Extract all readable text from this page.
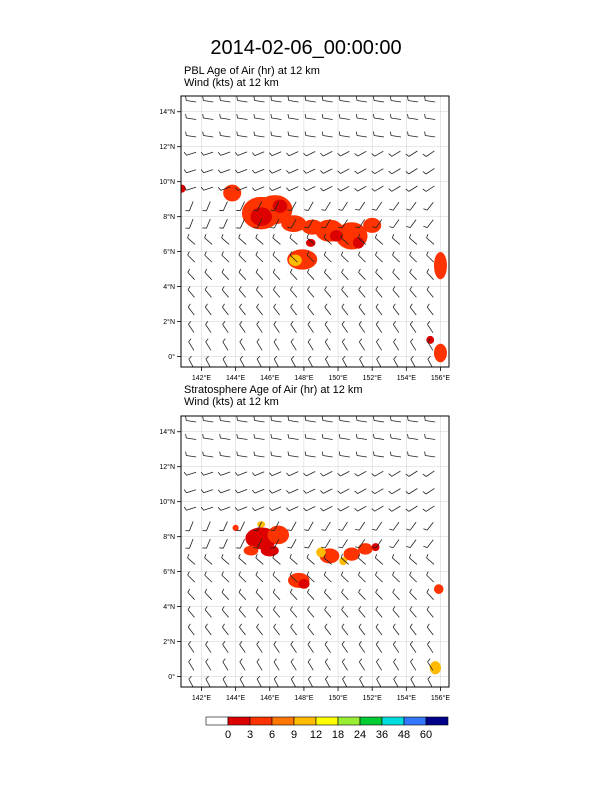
2014-02-06_00:00:00
PBL Age of Air (hr) at 12 km
Wind (kts) at 12 km
142°E 144°E 146°E 148°E 150°E 152°E 154°E 156°E
0°
2°N
4°N
6°N
8°N
10°N
12°N
14°N
Stratosphere Age of Air (hr) at 12 km
Wind (kts) at 12 km
142°E 144°E 146°E 148°E 150°E 152°E 154°E 156°E
0°
2°N
4°N
6°N
8°N
10°N
12°N
14°N
0 3 6 9 12 18 24 36 48 60
